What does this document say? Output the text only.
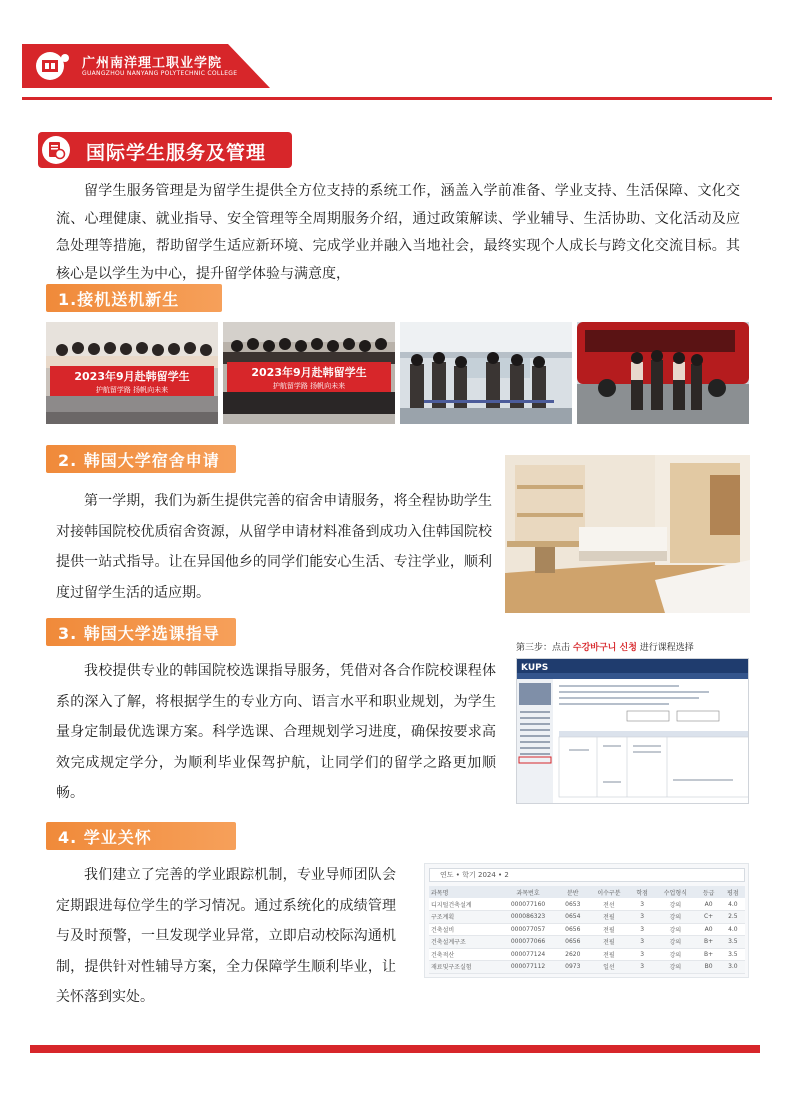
广州南洋理工职业学院
GUANGZHOU NANYANG POLYTECHNIC COLLEGE
国际学生服务及管理
留学生服务管理是为留学生提供全方位支持的系统工作，涵盖入学前准备、学业支持、生活保障、文化交流、心理健康、就业指导、安全管理等全周期服务介绍，通过政策解读、学业辅导、生活协助、文化活动及应急处理等措施，帮助留学生适应新环境、完成学业并融入当地社会，最终实现个人成长与跨文化交流目标。其核心是以学生为中心，提升留学体验与满意度，
1.接机送机新生
2023年9月赴韩留学生
护航留学路 扬帆向未来
2023年9月赴韩留学生
护航留学路 扬帆向未来
2. 韩国大学宿舍申请
第一学期，我们为新生提供完善的宿舍申请服务，将全程协助学生对接韩国院校优质宿舍资源，从留学申请材料准备到成功入住韩国院校提供一站式指导。让在异国他乡的同学们能安心生活、专注学业，顺利度过留学生活的适应期。
3. 韩国大学选课指导
我校提供专业的韩国院校选课指导服务，凭借对各合作院校课程体系的深入了解，将根据学生的专业方向、语言水平和职业规划，为学生量身定制最优选课方案。科学选课、合理规划学习进度，确保按要求高效完成规定学分，为顺利毕业保驾护航，让同学们的留学之路更加顺畅。
第三步：点击 수강바구니 신청 进行课程选择
KUPS
4. 学业关怀
我们建立了完善的学业跟踪机制，专业导师团队会定期跟进每位学生的学习情况。通过系统化的成绩管理与及时预警，一旦发现学业异常，立即启动校际沟通机制，提供针对性辅导方案，全力保障学生顺利毕业，让关怀落到实处。
연도 • 학기 2024 • 2
과목명	과목번호	분반	이수구분	학점	수업형식	등급	평점
디지털건축설계	000077160	0653	전선	3	강의	A0	4.0
구조계획	000086323	0654	전필	3	강의	C+	2.5
건축설비	000077057	0656	전필	3	강의	A0	4.0
건축설계구조	000077066	0656	전필	3	강의	B+	3.5
건축적산	000077124	2620	전필	3	강의	B+	3.5
재료및구조실험	000077112	0973	일선	3	강의	B0	3.0
